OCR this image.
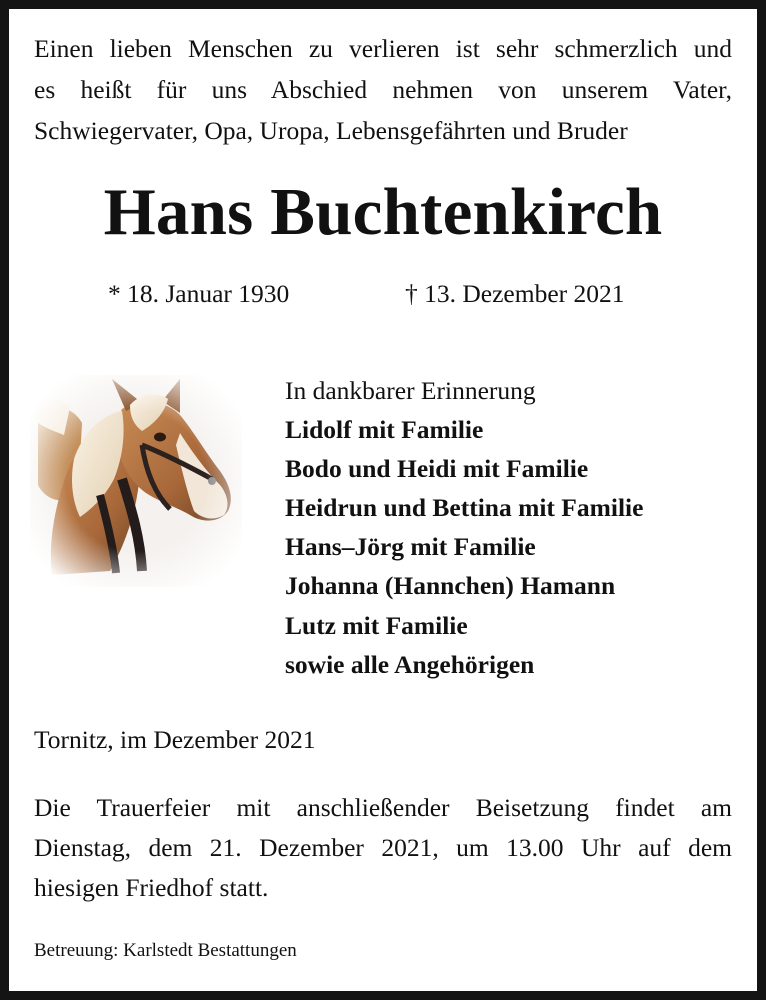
Einen lieben Menschen zu verlieren ist sehr schmerzlich und
es heißt für uns Abschied nehmen von unserem Vater,
Schwiegervater, Opa, Uropa, Lebensgefährten und Bruder
Hans Buchtenkirch
* 18. Januar 1930	† 13. Dezember 2021
In dankbarer Erinnerung
Lidolf mit Familie
Bodo und Heidi mit Familie
Heidrun und Bettina mit Familie
Hans–Jörg mit Familie
Johanna (Hannchen) Hamann
Lutz mit Familie
sowie alle Angehörigen
Tornitz, im Dezember 2021
Die Trauerfeier mit anschließender Beisetzung findet am
Dienstag, dem 21. Dezember 2021, um 13.00 Uhr auf dem
hiesigen Friedhof statt.
Betreuung: Karlstedt Bestattungen
